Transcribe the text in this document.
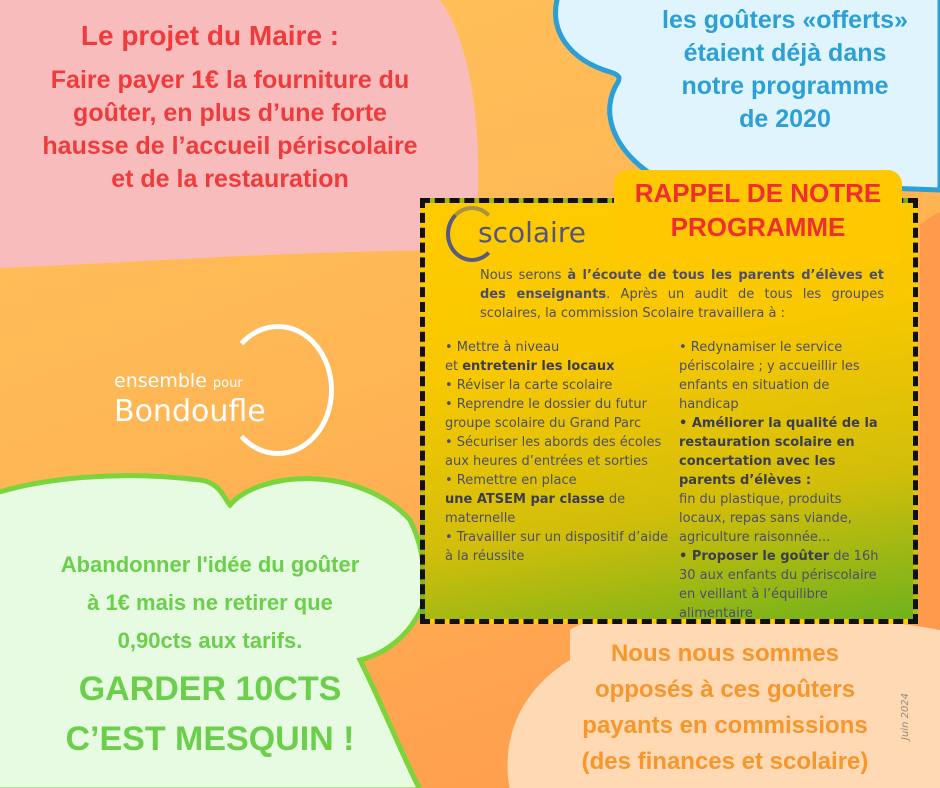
Le projet du Maire :
Faire payer 1€ la fourniture du
goûter, en plus d’une forte
hausse de l’accueil périscolaire
et de la restauration
les goûters «offerts»
étaient déjà dans
notre programme
de 2020
ensemble pour
Bondoufle
RAPPEL DE NOTRE
PROGRAMME
scolaire
Nous serons à l’écoute de tous les parents d’élèves et des enseignants. Après un audit de tous les groupes scolaires, la commission Scolaire travaillera à :
• Mettre à niveau
et entretenir les locaux
• Réviser la carte scolaire
• Reprendre le dossier du futur groupe scolaire du Grand Parc
• Sécuriser les abords des écoles aux heures d’entrées et sorties
• Remettre en place
une ATSEM par classe de maternelle
• Travailler sur un dispositif d’aide à la réussite
• Redynamiser le service périscolaire ; y accueillir les enfants en situation de handicap
• Améliorer la qualité de la restauration scolaire en concertation avec les parents d’élèves :
fin du plastique, produits locaux, repas sans viande, agriculture raisonnée...
• Proposer le goûter de 16h 30 aux enfants du périscolaire en veillant à l’équilibre alimentaire
Abandonner l'idée du goûter
à 1€ mais ne retirer que
0,90cts aux tarifs.
GARDER 10CTS
C’EST MESQUIN !
Nous nous sommes
opposés à ces goûters
payants en commissions
(des finances et scolaire)
Juin 2024
